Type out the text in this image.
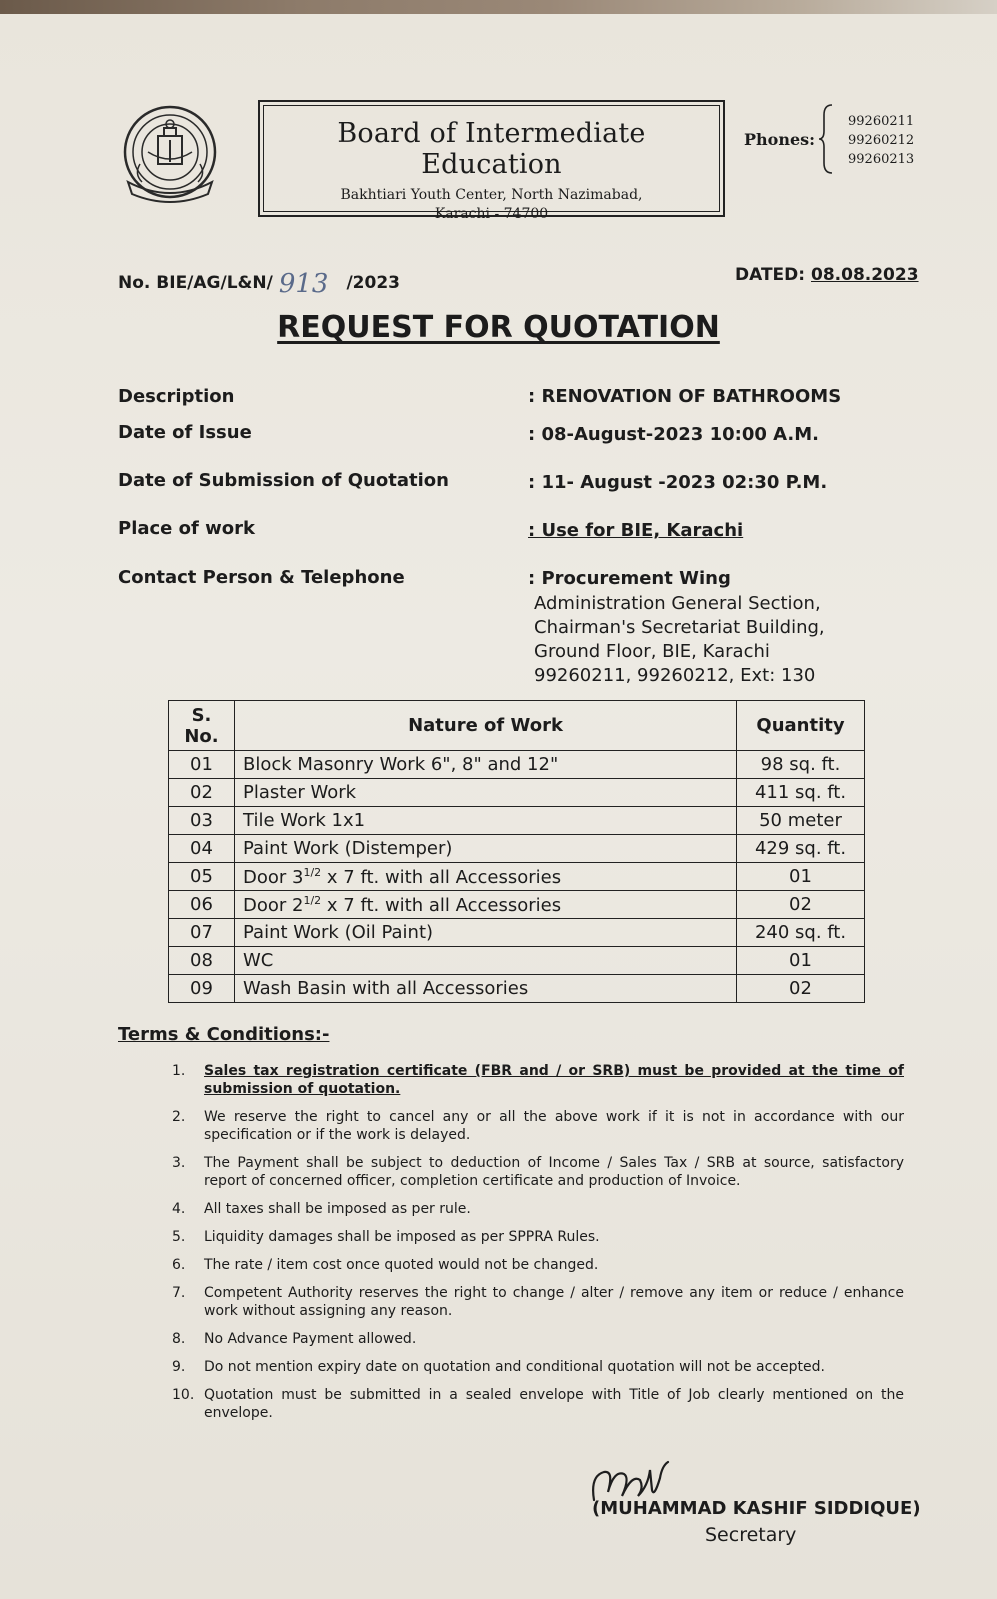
Board of Intermediate Education
Bakhtiari Youth Center, North Nazimabad,
Karachi - 74700
Phones:
99260211
99260212
99260213
No. BIE/AG/L&N/ 913 /2023	DATED: 08.08.2023
REQUEST FOR QUOTATION
Description	: RENOVATION OF BATHROOMS
Date of Issue	: 08-August-2023 10:00 A.M.
Date of Submission of Quotation	: 11- August -2023 02:30 P.M.
Place of work	: Use for BIE, Karachi
Contact Person & Telephone	: Procurement Wing
Administration General Section,
Chairman's Secretariat Building,
Ground Floor, BIE, Karachi
99260211, 99260212, Ext: 130
S.
No.	Nature of Work	Quantity
01	Block Masonry Work 6", 8" and 12"	98 sq. ft.
02	Plaster Work	411 sq. ft.
03	Tile Work 1x1	50 meter
04	Paint Work (Distemper)	429 sq. ft.
05	Door $3^{1/2}$ x 7 ft. with all Accessories	01
06	Door $2^{1/2}$ x 7 ft. with all Accessories	02
07	Paint Work (Oil Paint)	240 sq. ft.
08	WC	01
09	Wash Basin with all Accessories	02
Terms & Conditions:-
1.	Sales tax registration certificate (FBR and / or SRB) must be provided at the time of submission of quotation.
2.	We reserve the right to cancel any or all the above work if it is not in accordance with our specification or if the work is delayed.
3.	The Payment shall be subject to deduction of Income / Sales Tax / SRB at source, satisfactory report of concerned officer, completion certificate and production of Invoice.
4.	All taxes shall be imposed as per rule.
5.	Liquidity damages shall be imposed as per SPPRA Rules.
6.	The rate / item cost once quoted would not be changed.
7.	Competent Authority reserves the right to change / alter / remove any item or reduce / enhance work without assigning any reason.
8.	No Advance Payment allowed.
9.	Do not mention expiry date on quotation and conditional quotation will not be accepted.
10. Quotation must be submitted in a sealed envelope with Title of Job clearly mentioned on the envelope.
(MUHAMMAD KASHIF SIDDIQUE)
Secretary
